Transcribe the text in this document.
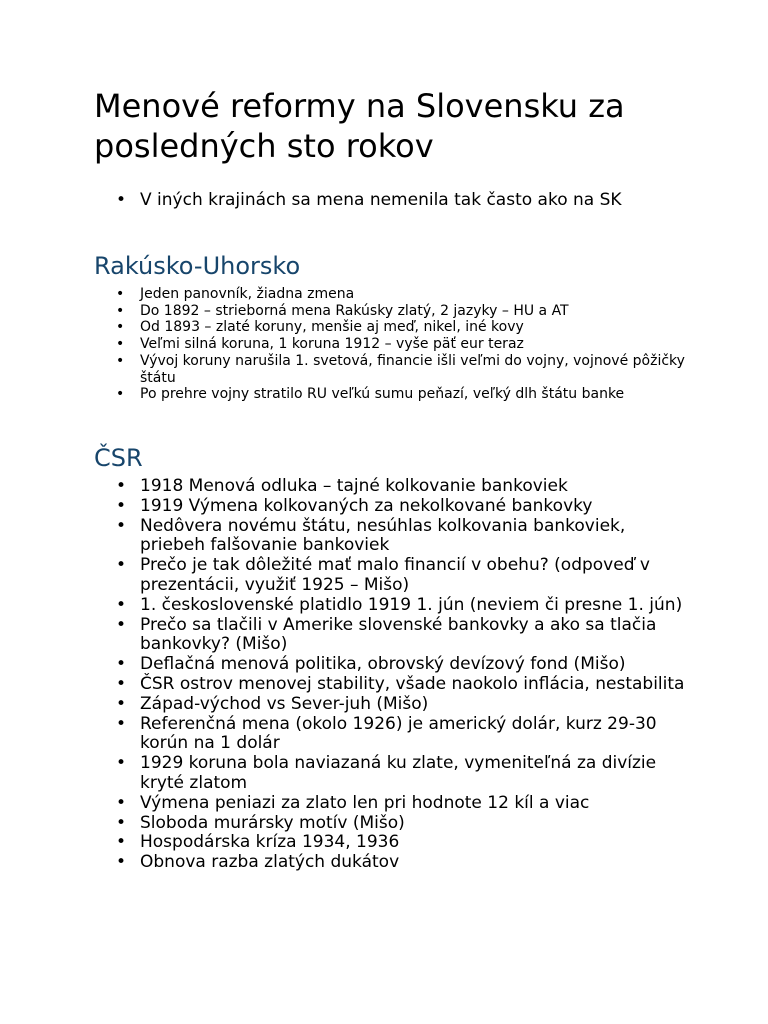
Menové reformy na Slovensku za posledných sto rokov
• V iných krajinách sa mena nemenila tak často ako na SK
Rakúsko-Uhorsko
• Jeden panovník, žiadna zmena
• Do 1892 – strieborná mena Rakúsky zlatý, 2 jazyky – HU a AT
• Od 1893 – zlaté koruny, menšie aj meď, nikel, iné kovy
• Veľmi silná koruna, 1 koruna 1912 – vyše päť eur teraz
• Vývoj koruny narušila 1. svetová, financie išli veľmi do vojny, vojnové pôžičky štátu
• Po prehre vojny stratilo RU veľkú sumu peňazí, veľký dlh štátu banke
ČSR
• 1918 Menová odluka – tajné kolkovanie bankoviek
• 1919 Výmena kolkovaných za nekolkované bankovky
• Nedôvera novému štátu, nesúhlas kolkovania bankoviek, priebeh falšovanie bankoviek
• Prečo je tak dôležité mať malo financií v obehu? (odpoveď v prezentácii, využiť 1925 – Mišo)
• 1. československé platidlo 1919 1. jún (neviem či presne 1. jún)
• Prečo sa tlačili v Amerike slovenské bankovky a ako sa tlačia bankovky? (Mišo)
• Deflačná menová politika, obrovský devízový fond (Mišo)
• ČSR ostrov menovej stability, všade naokolo inflácia, nestabilita
• Západ-východ vs Sever-juh (Mišo)
• Referenčná mena (okolo 1926) je americký dolár, kurz 29-30 korún na 1 dolár
• 1929 koruna bola naviazaná ku zlate, vymeniteľná za divízie kryté zlatom
• Výmena peniazi za zlato len pri hodnote 12 kíl a viac
• Sloboda murársky motív (Mišo)
• Hospodárska kríza 1934, 1936
• Obnova razba zlatých dukátov
